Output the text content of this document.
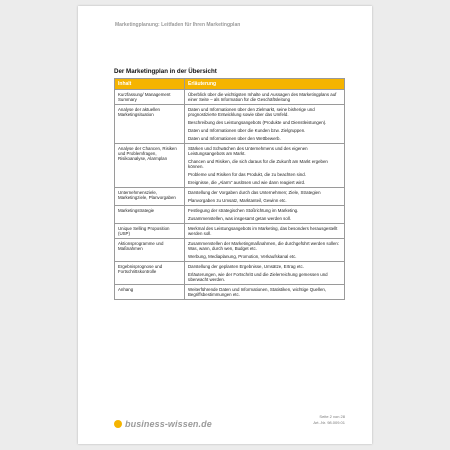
Marketingplanung: Leitfaden für Ihren Marketingplan
Der Marketingplan in der Übersicht
Inhalt	Erläuterung
Kurzfassung/ Management Summary	Überblick über die wichtigsten Inhalte und Aussagen des Marketingplans auf einer Seite – als Information für die Geschäftsleitung

Analyse der aktuellen Marketingsituation	Daten und Informationen über den Zielmarkt, seine bisherige und prognostizierte Entwicklung sowie über das Umfeld.
Beschreibung des Leistungsangebots (Produkte und Dienstleistungen).
Daten und Informationen über die Kunden bzw. Zielgruppen.
Daten und Informationen über den Wettbewerb.

Analyse der Chancen, Risiken und Problemfragen, Risikoanalyse, Alarmplan	Stärken und Schwächen des Unternehmens und des eigenen Leistungsangebots am Markt.
Chancen und Risiken, die sich daraus für die Zukunft am Markt ergeben können.
Probleme und Risiken für das Produkt, die zu beachten sind.
Ereignisse, die „Alarm“ auslösen und wie dann reagiert wird.

Unternehmensziele, Marketingziele, Planvorgaben	Darstellung der Vorgaben durch das Unternehmen; Ziele, Strategien
Planvorgaben zu Umsatz, Marktanteil, Gewinn etc.

Marketingstrategie	Festlegung der strategischen Stoßrichtung im Marketing.
Zusammenstellen, was insgesamt getan werden soll.

Unique Selling Proposition (USP)	Merkmal des Leistungsangebots im Marketing, das besonders herausgestellt werden soll.

Aktionsprogramme und Maßnahmen	Zusammenstellen der Marketingmaßnahmen, die durchgeführt werden sollen: Was, wann, durch wen, Budget etc.
Werbung, Mediaplanung, Promotion, Verkaufskanal etc.

Ergebnisprognose und Fortschrittskontrolle	Darstellung der geplanten Ergebnisse, Umsätze, Ertrag etc.
Erläuterungen, wie der Fortschritt und die Zielerreichung gemessen und überwacht werden.

Anhang	Weiterführende Daten und Informationen, Statistiken, wichtige Quellen, Begriffsbestimmungen etc.
business-wissen.de
Seite 2 von 28
Art.-Nr. 98.009.01
